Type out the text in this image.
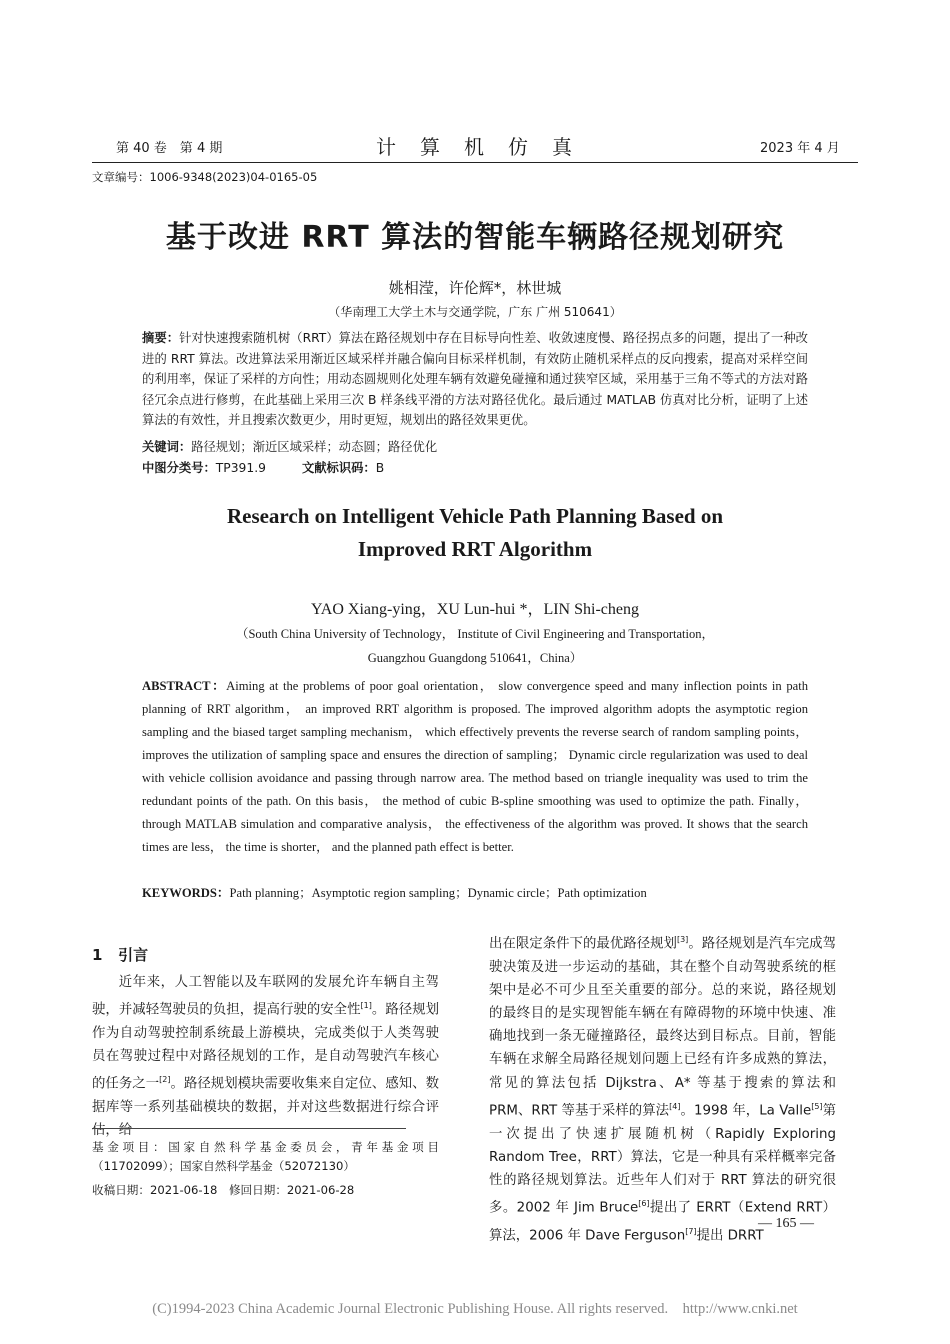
第 40 卷　第 4 期	计　算　机　仿　真	2023 年 4 月
文章编号：1006-9348(2023)04-0165-05
基于改进 RRT 算法的智能车辆路径规划研究
姚相滢，许伦辉*，林世城
（华南理工大学土木与交通学院，广东 广州 510641）
摘要：针对快速搜索随机树（RRT）算法在路径规划中存在目标导向性差、收敛速度慢、路径拐点多的问题，提出了一种改进的 RRT 算法。改进算法采用渐近区域采样并融合偏向目标采样机制，有效防止随机采样点的反向搜索，提高对采样空间的利用率，保证了采样的方向性；用动态圆规则化处理车辆有效避免碰撞和通过狭窄区域，采用基于三角不等式的方法对路径冗余点进行修剪，在此基础上采用三次 B 样条线平滑的方法对路径优化。最后通过 MATLAB 仿真对比分析，证明了上述算法的有效性，并且搜索次数更少，用时更短，规划出的路径效果更优。
关键词：路径规划；渐近区域采样；动态圆；路径优化
中图分类号：TP391.9	文献标识码：B
Research on Intelligent Vehicle Path Planning Based on
Improved RRT Algorithm
YAO Xiang-ying，XU Lun-hui *，LIN Shi-cheng
（South China University of Technology， Institute of Civil Engineering and Transportation，
Guangzhou Guangdong 510641，China）
ABSTRACT：Aiming at the problems of poor goal orientation， slow convergence speed and many inflection points in path planning of RRT algorithm， an improved RRT algorithm is proposed. The improved algorithm adopts the asymptotic region sampling and the biased target sampling mechanism， which effectively prevents the reverse search of random sampling points， improves the utilization of sampling space and ensures the direction of sampling； Dynamic circle regularization was used to deal with vehicle collision avoidance and passing through narrow area. The method based on triangle inequality was used to trim the redundant points of the path. On this basis， the method of cubic B-spline smoothing was used to optimize the path. Finally， through MATLAB simulation and comparative analysis， the effectiveness of the algorithm was proved. It shows that the search times are less， the time is shorter， and the planned path effect is better.
KEYWORDS：Path planning；Asymptotic region sampling；Dynamic circle；Path optimization
1 引言

近年来，人工智能以及车联网的发展允许车辆自主驾驶，并减轻驾驶员的负担，提高行驶的安全性[1]。路径规划作为自动驾驶控制系统最上游模块，完成类似于人类驾驶员在驾驶过程中对路径规划的工作，是自动驾驶汽车核心的任务之一[2]。路径规划模块需要收集来自定位、感知、数据库等一系列基础模块的数据，并对这些数据进行综合评估，给

基金项目：国家自然科学基金委员会，青年基金项目（11702099）；国家自然科学基金（52072130）
收稿日期：2021-06-18　修回日期：2021-06-28

出在限定条件下的最优路径规划[3]。路径规划是汽车完成驾驶决策及进一步运动的基础，其在整个自动驾驶系统的框架中是必不可少且至关重要的部分。总的来说，路径规划的最终目的是实现智能车辆在有障碍物的环境中快速、准确地找到一条无碰撞路径，最终达到目标点。目前，智能车辆在求解全局路径规划问题上已经有许多成熟的算法，常见的算法包括 Dijkstra、A* 等基于搜索的算法和 PRM、RRT 等基于采样的算法[4]。1998 年，La Valle[5]第一次提出了快速扩展随机树（Rapidly Exploring Random Tree，RRT）算法，它是一种具有采样概率完备性的路径规划算法。近些年人们对于 RRT 算法的研究很多。2002 年 Jim Bruce[6]提出了 ERRT（Extend RRT）算法，2006 年 Dave Ferguson[7]提出 DRRT

— 165 —
(C)1994-2023 China Academic Journal Electronic Publishing House. All rights reserved.　http://www.cnki.net
